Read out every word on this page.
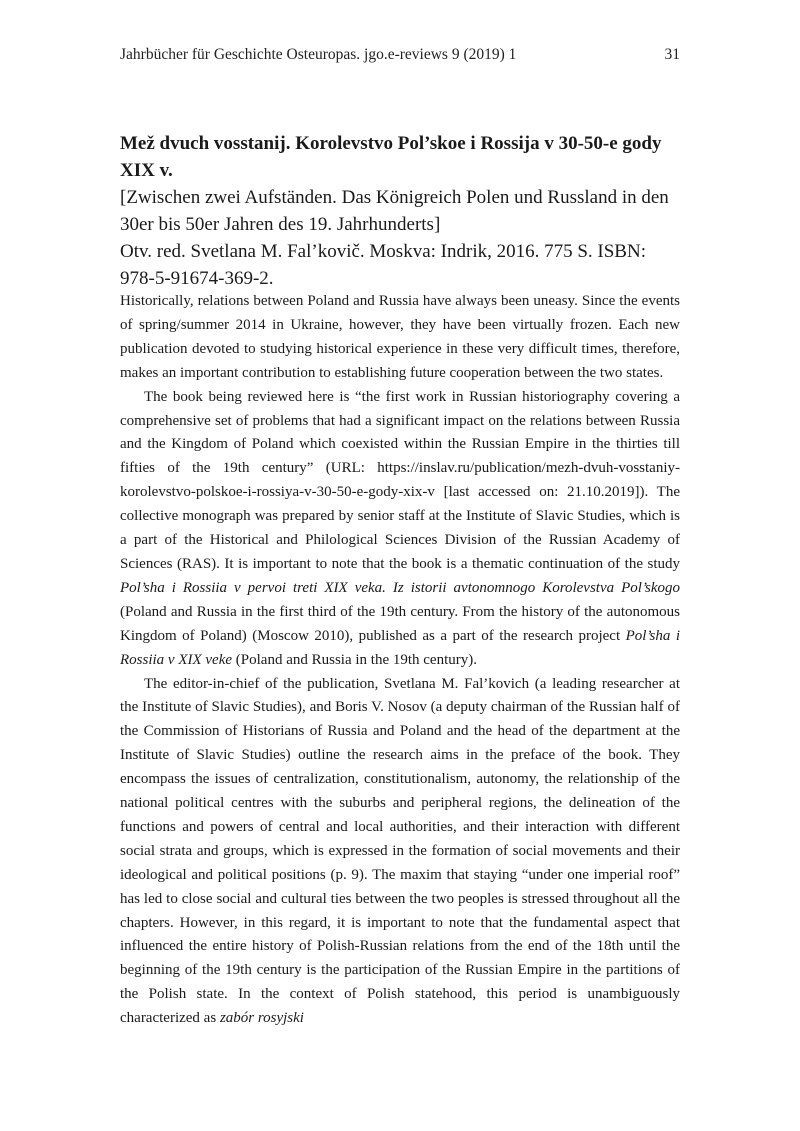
Jahrbücher für Geschichte Osteuropas. jgo.e-reviews 9 (2019) 1	31

Mež dvuch vosstanij. Korolevstvo Pol’skoe i Rossija v 30-50-e gody XIX v.

[Zwischen zwei Aufständen. Das Königreich Polen und Russland in den 30er bis 50er Jahren des 19. Jahrhunderts]

Otv. red. Svetlana M. Fal’kovič. Moskva: Indrik, 2016. 775 S. ISBN: 978-5-91674-369-2.

Historically, relations between Poland and Russia have always been uneasy. Since the events of spring/summer 2014 in Ukraine, however, they have been virtually frozen. Each new publication devoted to studying historical experience in these very difficult times, therefore, makes an important contribution to establishing future cooperation between the two states.

The book being reviewed here is “the first work in Russian historiography covering a comprehensive set of problems that had a significant impact on the relations between Russia and the Kingdom of Poland which coexisted within the Russian Empire in the thirties till fifties of the 19th century” (URL: https://inslav.ru/publication/mezh-dvuh-vosstaniy-korolevstvo-polskoe-i-rossiya-v-30-50-e-gody-xix-v [last accessed on: 21.10.2019]). The collective monograph was prepared by senior staff at the Institute of Slavic Studies, which is a part of the Historical and Philological Sciences Division of the Russian Academy of Sciences (RAS). It is important to note that the book is a thematic continuation of the study Pol’sha i Rossiia v pervoi treti XIX veka. Iz istorii avtonomnogo Korolevstva Pol’skogo (Poland and Russia in the first third of the 19th century. From the history of the autonomous Kingdom of Poland) (Moscow 2010), published as a part of the research project Pol’sha i Rossiia v XIX veke (Poland and Russia in the 19th century).

The editor-in-chief of the publication, Svetlana M. Fal’kovich (a leading researcher at the Institute of Slavic Studies), and Boris V. Nosov (a deputy chairman of the Russian half of the Commission of Historians of Russia and Poland and the head of the department at the Institute of Slavic Studies) outline the research aims in the preface of the book. They encompass the issues of centralization, constitutionalism, autonomy, the relationship of the national political centres with the suburbs and peripheral regions, the delineation of the functions and powers of central and local authorities, and their interaction with different social strata and groups, which is expressed in the formation of social movements and their ideological and political positions (p. 9). The maxim that staying “under one imperial roof” has led to close social and cultural ties between the two peoples is stressed throughout all the chapters. However, in this regard, it is important to note that the fundamental aspect that influenced the entire history of Polish-Russian relations from the end of the 18th until the beginning of the 19th century is the participation of the Russian Empire in the partitions of the Polish state. In the context of Polish statehood, this period is unambiguously characterized as zabór rosyjski
